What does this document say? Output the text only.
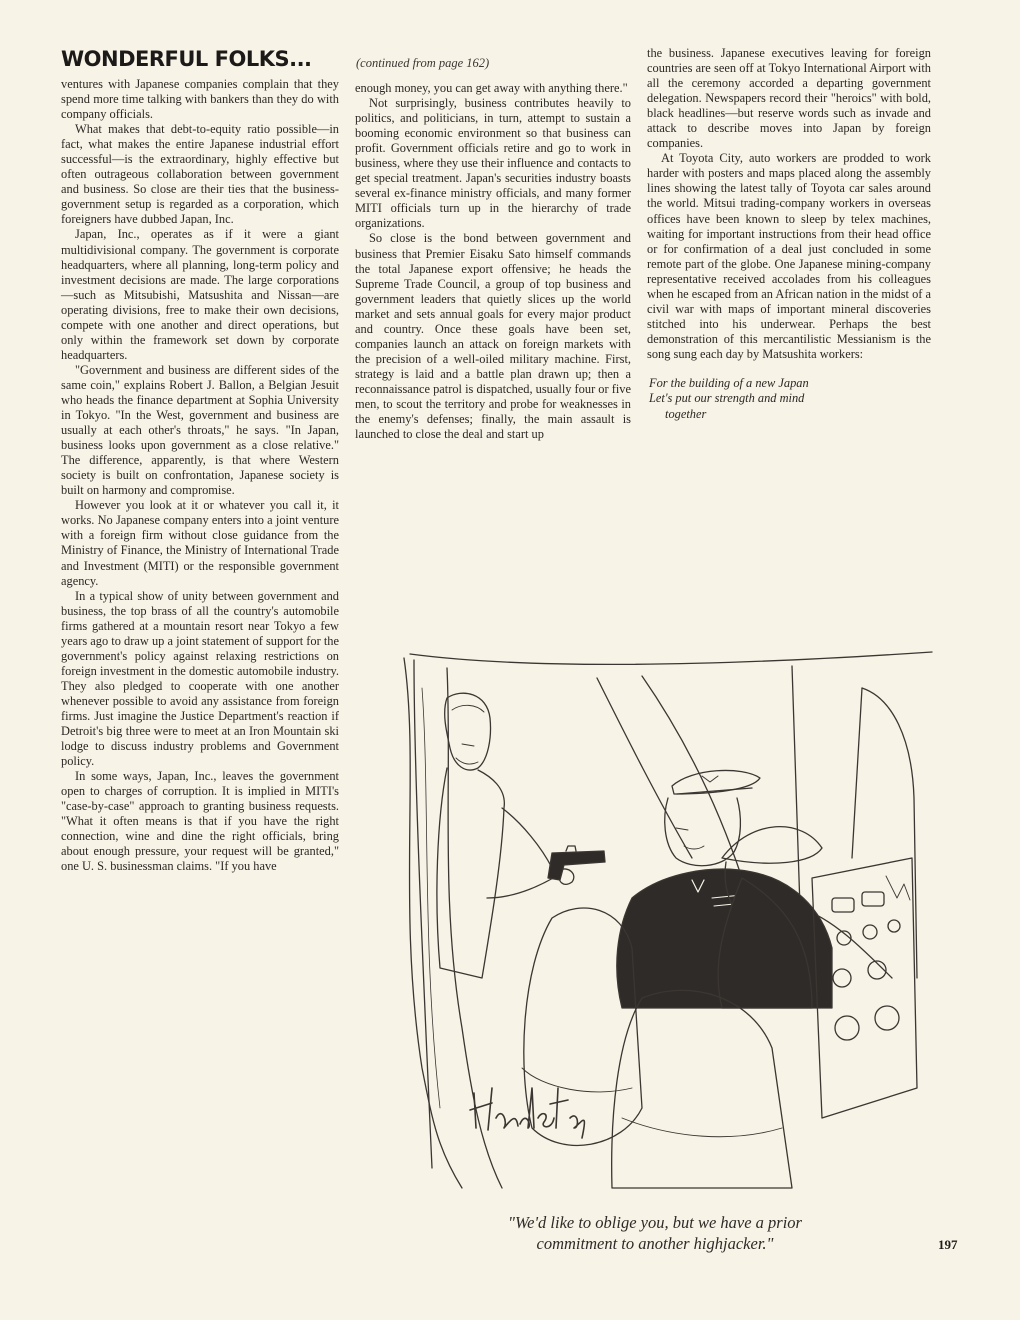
WONDERFUL FOLKS...	(continued from page 162)

ventures with Japanese companies complain that they spend more time talking with bankers than they do with company officials.

What makes that debt-to-equity ratio possible—in fact, what makes the entire Japanese industrial effort successful—is the extraordinary, highly effective but often outrageous collaboration between government and business. So close are their ties that the business-government setup is regarded as a corporation, which foreigners have dubbed Japan, Inc.

Japan, Inc., operates as if it were a giant multidivisional company. The government is corporate headquarters, where all planning, long-term policy and investment decisions are made. The large corporations—such as Mitsubishi, Matsushita and Nissan—are operating divisions, free to make their own decisions, compete with one another and direct operations, but only within the framework set down by corporate headquarters.

"Government and business are different sides of the same coin," explains Robert J. Ballon, a Belgian Jesuit who heads the finance department at Sophia University in Tokyo. "In the West, government and business are usually at each other's throats," he says. "In Japan, business looks upon government as a close relative." The difference, apparently, is that where Western society is built on confrontation, Japanese society is built on harmony and compromise.

However you look at it or whatever you call it, it works. No Japanese company enters into a joint venture with a foreign firm without close guidance from the Ministry of Finance, the Ministry of International Trade and Investment (MITI) or the responsible government agency.

In a typical show of unity between government and business, the top brass of all the country's automobile firms gathered at a mountain resort near Tokyo a few years ago to draw up a joint statement of support for the government's policy against relaxing restrictions on foreign investment in the domestic automobile industry. They also pledged to cooperate with one another whenever possible to avoid any assistance from foreign firms. Just imagine the Justice Department's reaction if Detroit's big three were to meet at an Iron Mountain ski lodge to discuss industry problems and Government policy.

In some ways, Japan, Inc., leaves the government open to charges of corruption. It is implied in MITI's "case-by-case" approach to granting business requests. "What it often means is that if you have the right connection, wine and dine the right officials, bring about enough pressure, your request will be granted," one U. S. businessman claims. "If you have

enough money, you can get away with anything there."

Not surprisingly, business contributes heavily to politics, and politicians, in turn, attempt to sustain a booming economic environment so that business can profit. Government officials retire and go to work in business, where they use their influence and contacts to get special treatment. Japan's securities industry boasts several ex-finance ministry officials, and many former MITI officials turn up in the hierarchy of trade organizations.

So close is the bond between government and business that Premier Eisaku Sato himself commands the total Japanese export offensive; he heads the Supreme Trade Council, a group of top business and government leaders that quietly slices up the world market and sets annual goals for every major product and country. Once these goals have been set, companies launch an attack on foreign markets with the precision of a well-oiled military machine. First, strategy is laid and a battle plan drawn up; then a reconnaissance patrol is dispatched, usually four or five men, to scout the territory and probe for weaknesses in the enemy's defenses; finally, the main assault is launched to close the deal and start up

the business. Japanese executives leaving for foreign countries are seen off at Tokyo International Airport with all the ceremony accorded a departing government delegation. Newspapers record their "heroics" with bold, black headlines—but reserve words such as invade and attack to describe moves into Japan by foreign companies.

At Toyota City, auto workers are prodded to work harder with posters and maps placed along the assembly lines showing the latest tally of Toyota car sales around the world. Mitsui trading-company workers in overseas offices have been known to sleep by telex machines, waiting for important instructions from their head office or for confirmation of a deal just concluded in some remote part of the globe. One Japanese mining-company representative received accolades from his colleagues when he escaped from an African nation in the midst of a civil war with maps of important mineral discoveries stitched into his underwear. Perhaps the best demonstration of this mercantilistic Messianism is the song sung each day by Matsushita workers:

For the building of a new Japan
Let's put our strength and mind
together
"We'd like to oblige you, but we have a prior
commitment to another highjacker."	197
